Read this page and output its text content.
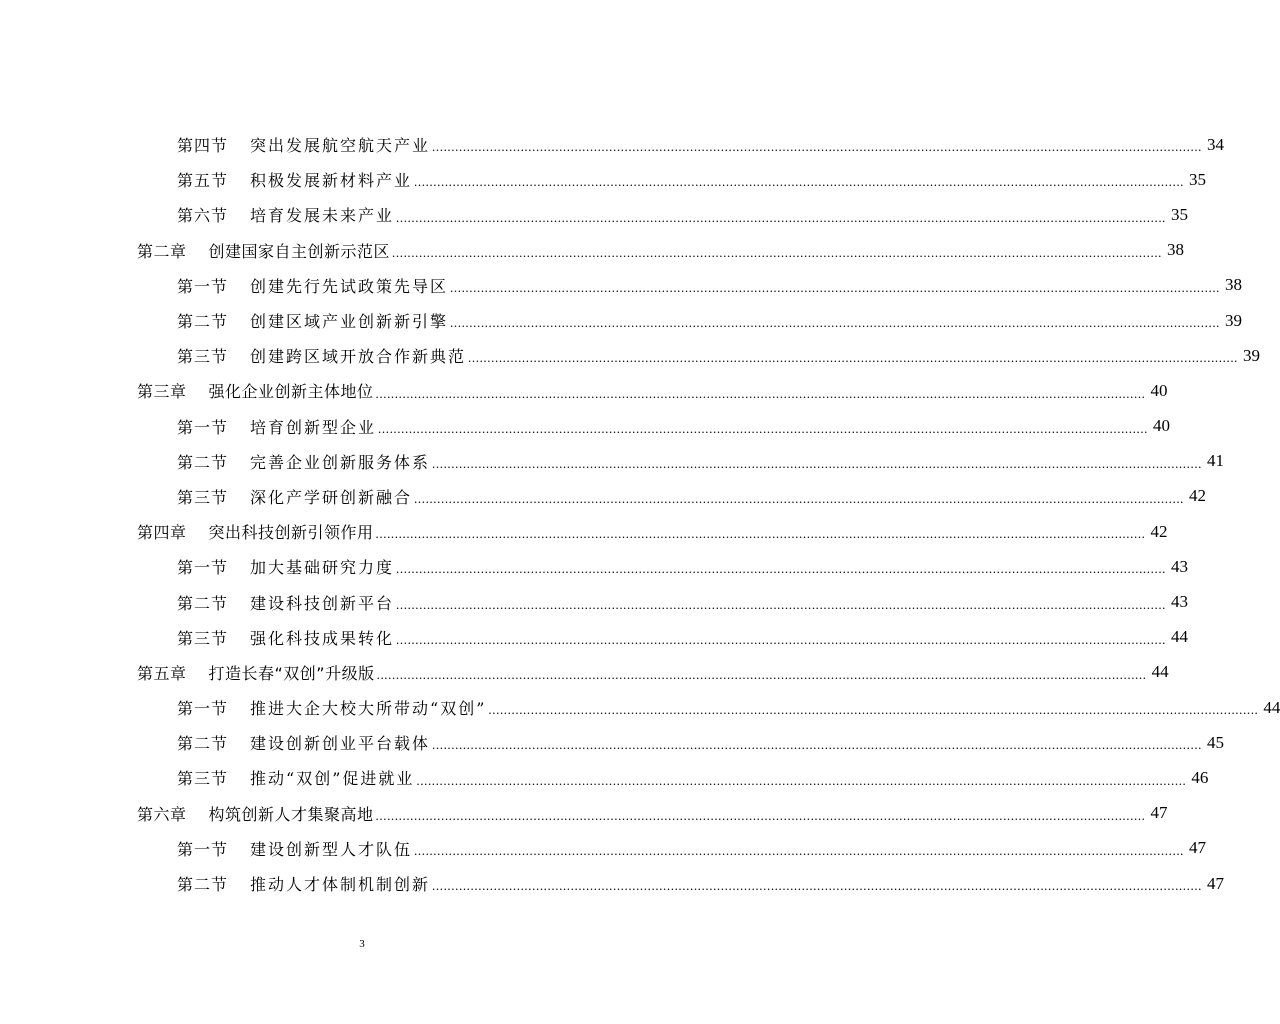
第四节 突出发展航空航天产业 ........................................................................................................................................................................................................ 34
第五节 积极发展新材料产业 ........................................................................................................................................................................................................ 35
第六节 培育发展未来产业 ........................................................................................................................................................................................................ 35
第二章 创建国家自主创新示范区 ........................................................................................................................................................................................................ 38
第一节 创建先行先试政策先导区 ........................................................................................................................................................................................................ 38
第二节 创建区域产业创新新引擎 ........................................................................................................................................................................................................ 39
第三节 创建跨区域开放合作新典范 ........................................................................................................................................................................................................ 39
第三章 强化企业创新主体地位 ........................................................................................................................................................................................................ 40
第一节 培育创新型企业 ........................................................................................................................................................................................................ 40
第二节 完善企业创新服务体系 ........................................................................................................................................................................................................ 41
第三节 深化产学研创新融合 ........................................................................................................................................................................................................ 42
第四章 突出科技创新引领作用 ........................................................................................................................................................................................................ 42
第一节 加大基础研究力度 ........................................................................................................................................................................................................ 43
第二节 建设科技创新平台 ........................................................................................................................................................................................................ 43
第三节 强化科技成果转化 ........................................................................................................................................................................................................ 44
第五章 打造长春“双创”升级版 ........................................................................................................................................................................................................ 44
第一节 推进大企大校大所带动“双创” ........................................................................................................................................................................................................ 44
第二节 建设创新创业平台载体 ........................................................................................................................................................................................................ 45
第三节 推动“双创”促进就业 ........................................................................................................................................................................................................ 46
第六章 构筑创新人才集聚高地 ........................................................................................................................................................................................................ 47
第一节 建设创新型人才队伍 ........................................................................................................................................................................................................ 47
第二节 推动人才体制机制创新 ........................................................................................................................................................................................................ 47
3
